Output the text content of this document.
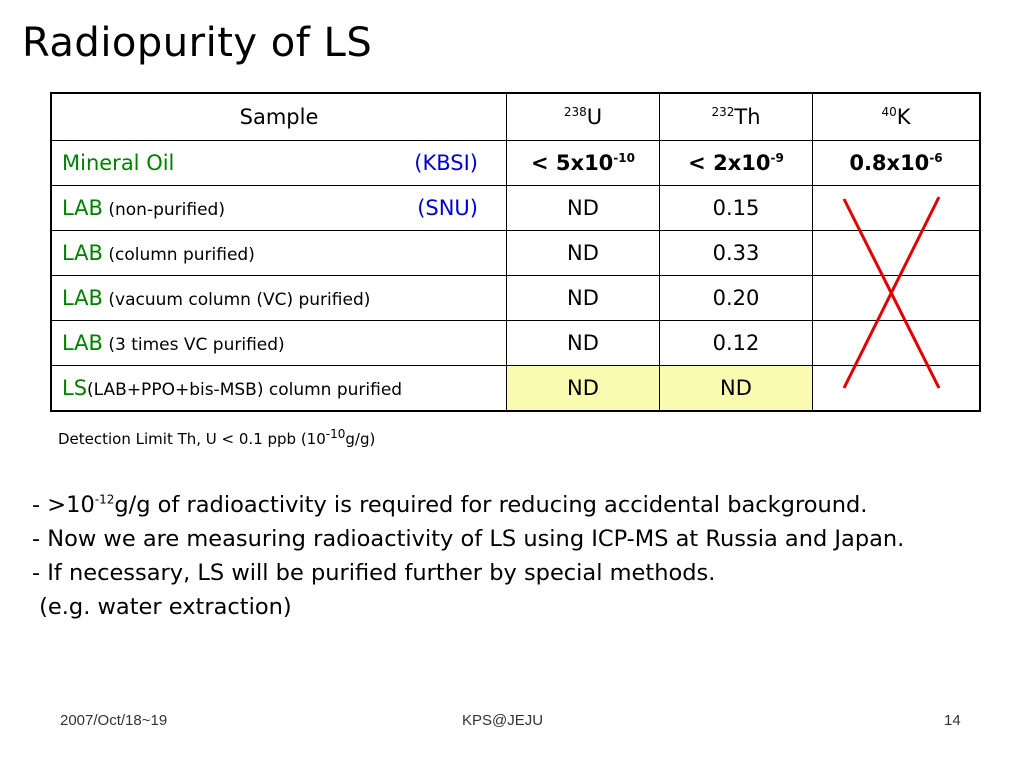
Radiopurity of LS
Sample	$^{238}$U	$^{232}$Th	$^{40}$K
Mineral Oil (KBSI)	< $5x10^{-10}$	< $2x10^{-9}$	$0.8x10^{-6}$
LAB (non-purified) (SNU)	ND	0.15	
LAB (column purified)	ND	0.33	
LAB (vacuum column (VC) purified)	ND	0.20	
LAB (3 times VC purified)	ND	0.12	
LS(LAB+PPO+bis-MSB) column purified	ND	ND	
Detection Limit Th, U < 0.1 ppb $(10^{-10}g/g)$

- $>10^{-12}g/g$ of radioactivity is required for reducing accidental background.

- Now we are measuring radioactivity of LS using ICP-MS at Russia and Japan.

- If necessary, LS will be purified further by special methods.

(e.g. water extraction)

2007/Oct/18~19	KPS@JEJU	14
